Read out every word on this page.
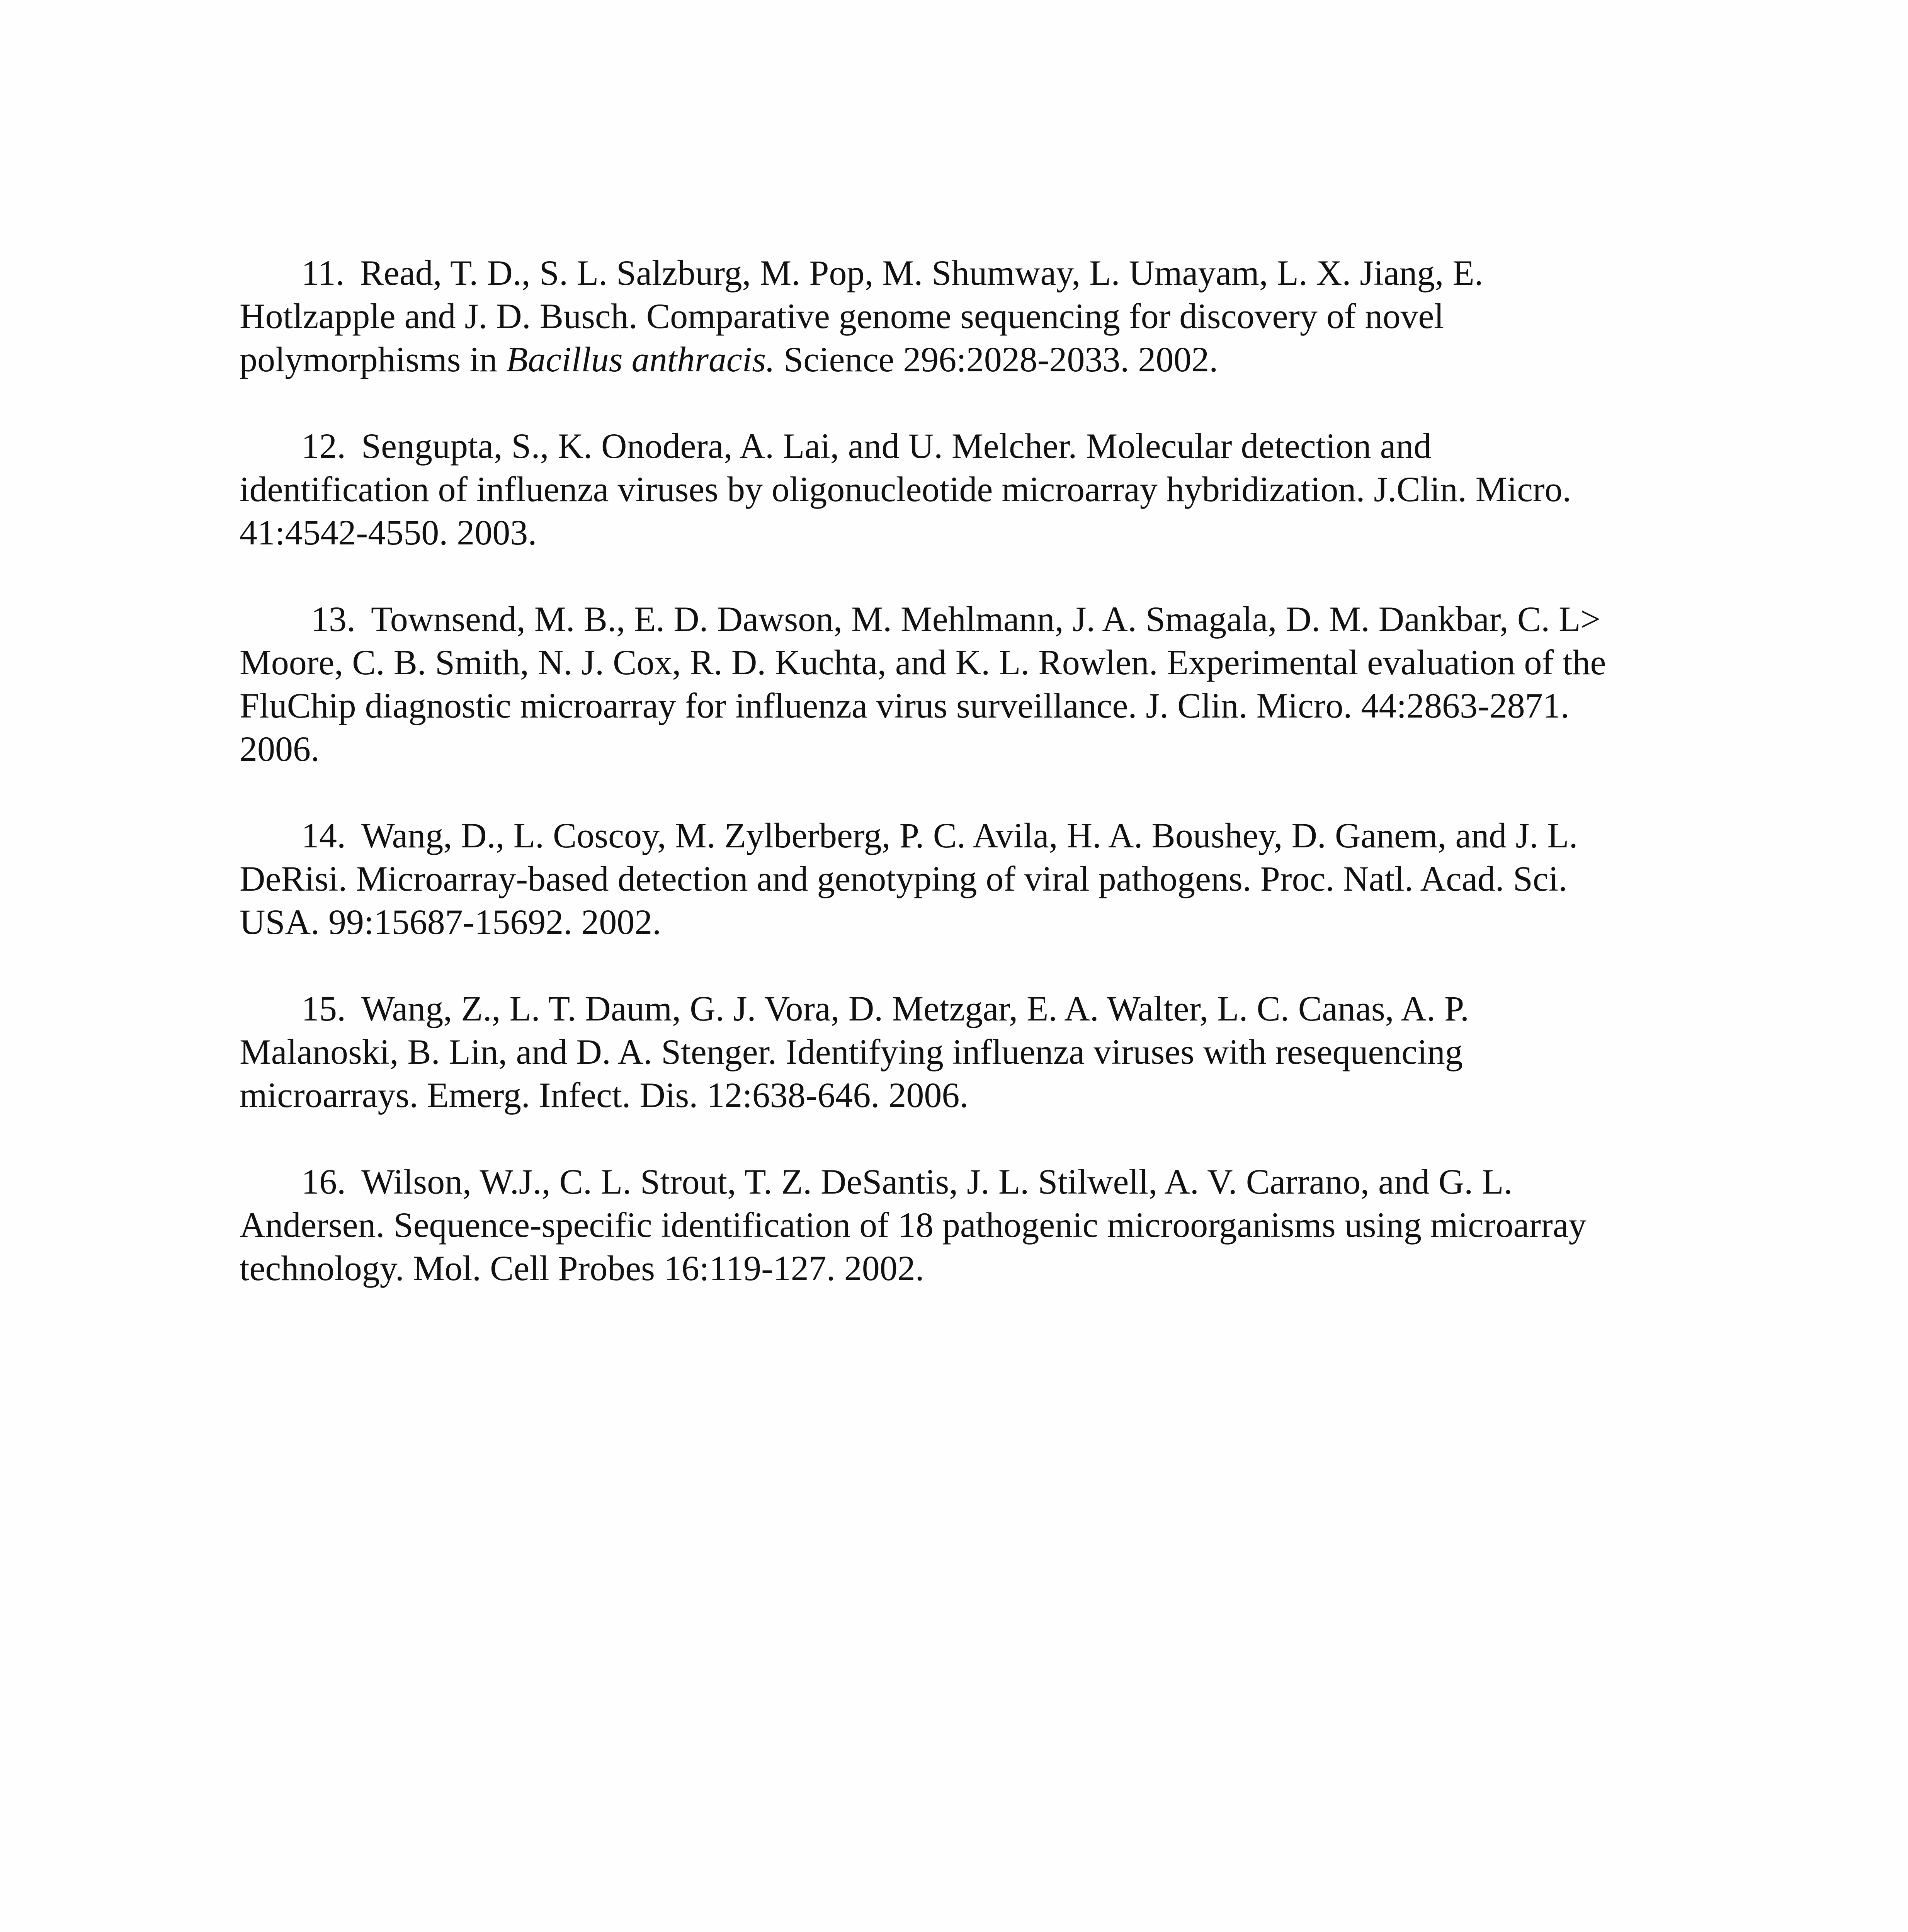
11. Read, T. D., S. L. Salzburg, M. Pop, M. Shumway, L. Umayam, L. X. Jiang, E.
Hotlzapple and J. D. Busch. Comparative genome sequencing for discovery of novel
polymorphisms in Bacillus anthracis. Science 296:2028-2033. 2002.
12. Sengupta, S., K. Onodera, A. Lai, and U. Melcher. Molecular detection and
identification of influenza viruses by oligonucleotide microarray hybridization. J.Clin. Micro.
41:4542-4550. 2003.
13. Townsend, M. B., E. D. Dawson, M. Mehlmann, J. A. Smagala, D. M. Dankbar, C. L>
Moore, C. B. Smith, N. J. Cox, R. D. Kuchta, and K. L. Rowlen. Experimental evaluation of the
FluChip diagnostic microarray for influenza virus surveillance. J. Clin. Micro. 44:2863-2871.
2006.
14. Wang, D., L. Coscoy, M. Zylberberg, P. C. Avila, H. A. Boushey, D. Ganem, and J. L.
DeRisi. Microarray-based detection and genotyping of viral pathogens. Proc. Natl. Acad. Sci.
USA. 99:15687-15692. 2002.
15. Wang, Z., L. T. Daum, G. J. Vora, D. Metzgar, E. A. Walter, L. C. Canas, A. P.
Malanoski, B. Lin, and D. A. Stenger. Identifying influenza viruses with resequencing
microarrays. Emerg. Infect. Dis. 12:638-646. 2006.
16. Wilson, W.J., C. L. Strout, T. Z. DeSantis, J. L. Stilwell, A. V. Carrano, and G. L.
Andersen. Sequence-specific identification of 18 pathogenic microorganisms using microarray
technology. Mol. Cell Probes 16:119-127. 2002.
